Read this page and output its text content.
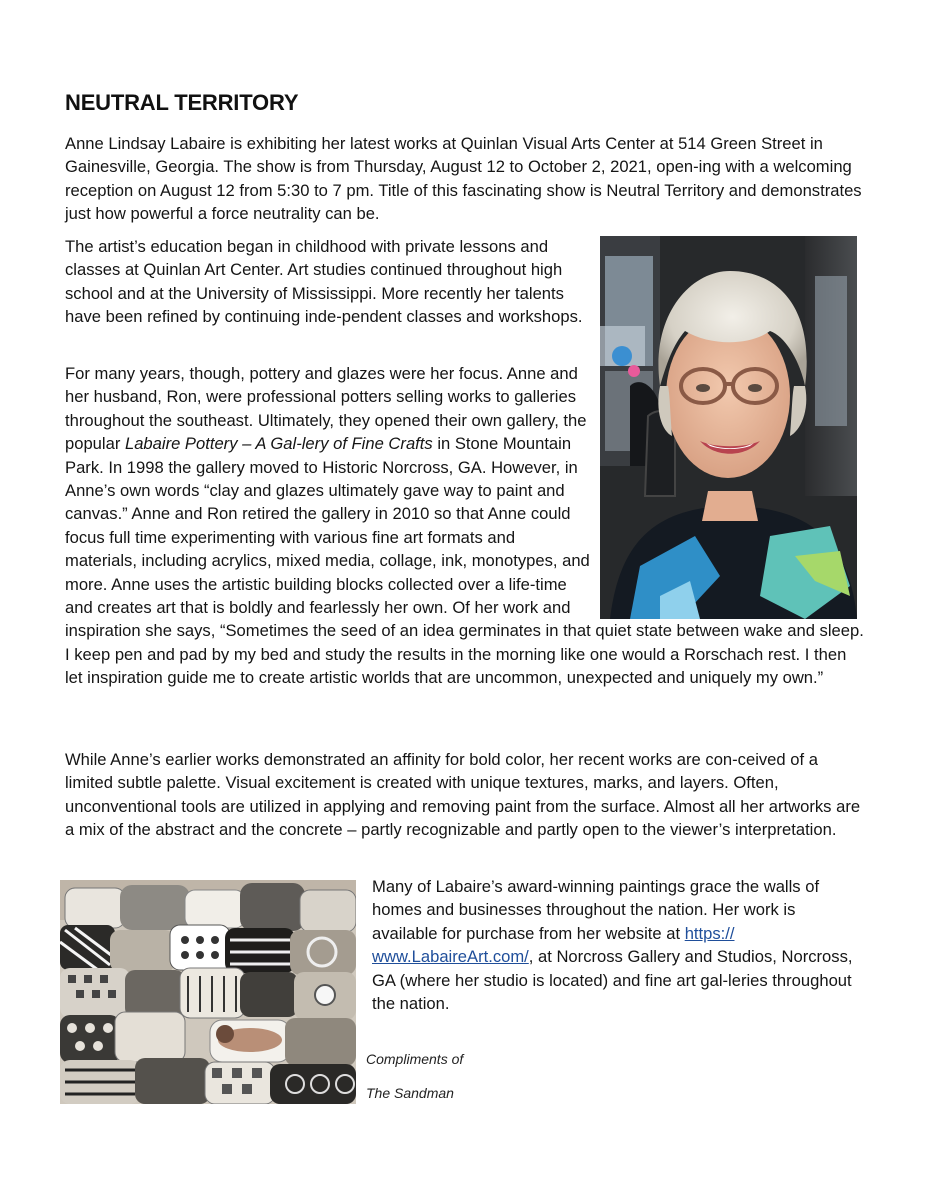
NEUTRAL TERRITORY

Anne Lindsay Labaire is exhibiting her latest works at Quinlan Visual Arts Center at 514 Green Street in Gainesville, Georgia. The show is from Thursday, August 12 to October 2, 2021, open-ing with a welcoming reception on August 12 from 5:30 to 7 pm. Title of this fascinating show is Neutral Territory and demonstrates just how powerful a force neutrality can be.

The artist’s education began in childhood with private lessons and classes at Quinlan Art Center. Art studies continued throughout high school and at the University of Mississippi. More recently her talents have been refined by continuing inde-pendent classes and workshops.

For many years, though, pottery and glazes were her focus. Anne and her husband, Ron, were professional potters selling works to galleries throughout the southeast. Ultimately, they opened their own gallery, the popular Labaire Pottery – A Gal-lery of Fine Crafts in Stone Mountain Park. In 1998 the gallery moved to Historic Norcross, GA. However, in Anne’s own words “clay and glazes ultimately gave way to paint and canvas.” Anne and Ron retired the gallery in 2010 so that Anne could focus full time experimenting with various fine art formats and materials, including acrylics, mixed media, collage, ink, monotypes, and more. Anne uses the artistic building blocks collected over a life-time and creates art that is boldly and fearlessly her own. Of her work and inspiration she says, “Sometimes the seed of an idea germinates in that quiet state between wake and sleep. I keep pen and pad by my bed and study the results in the morning like one would a Rorschach rest. I then let inspiration guide me to create artistic worlds that are uncommon, unexpected and uniquely my own.”

While Anne’s earlier works demonstrated an affinity for bold color, her recent works are con-ceived of a limited subtle palette. Visual excitement is created with unique textures, marks, and layers. Often, unconventional tools are utilized in applying and removing paint from the surface. Almost all her artworks are a mix of the abstract and the concrete – partly recognizable and partly open to the viewer’s interpretation.

Many of Labaire’s award-winning paintings grace the walls of homes and businesses throughout the nation. Her work is available for purchase from her website at https:// www.LabaireArt.com/, at Norcross Gallery and Studios, Norcross, GA (where her studio is located) and fine art gal-leries throughout the nation.

Compliments of

The Sandman
